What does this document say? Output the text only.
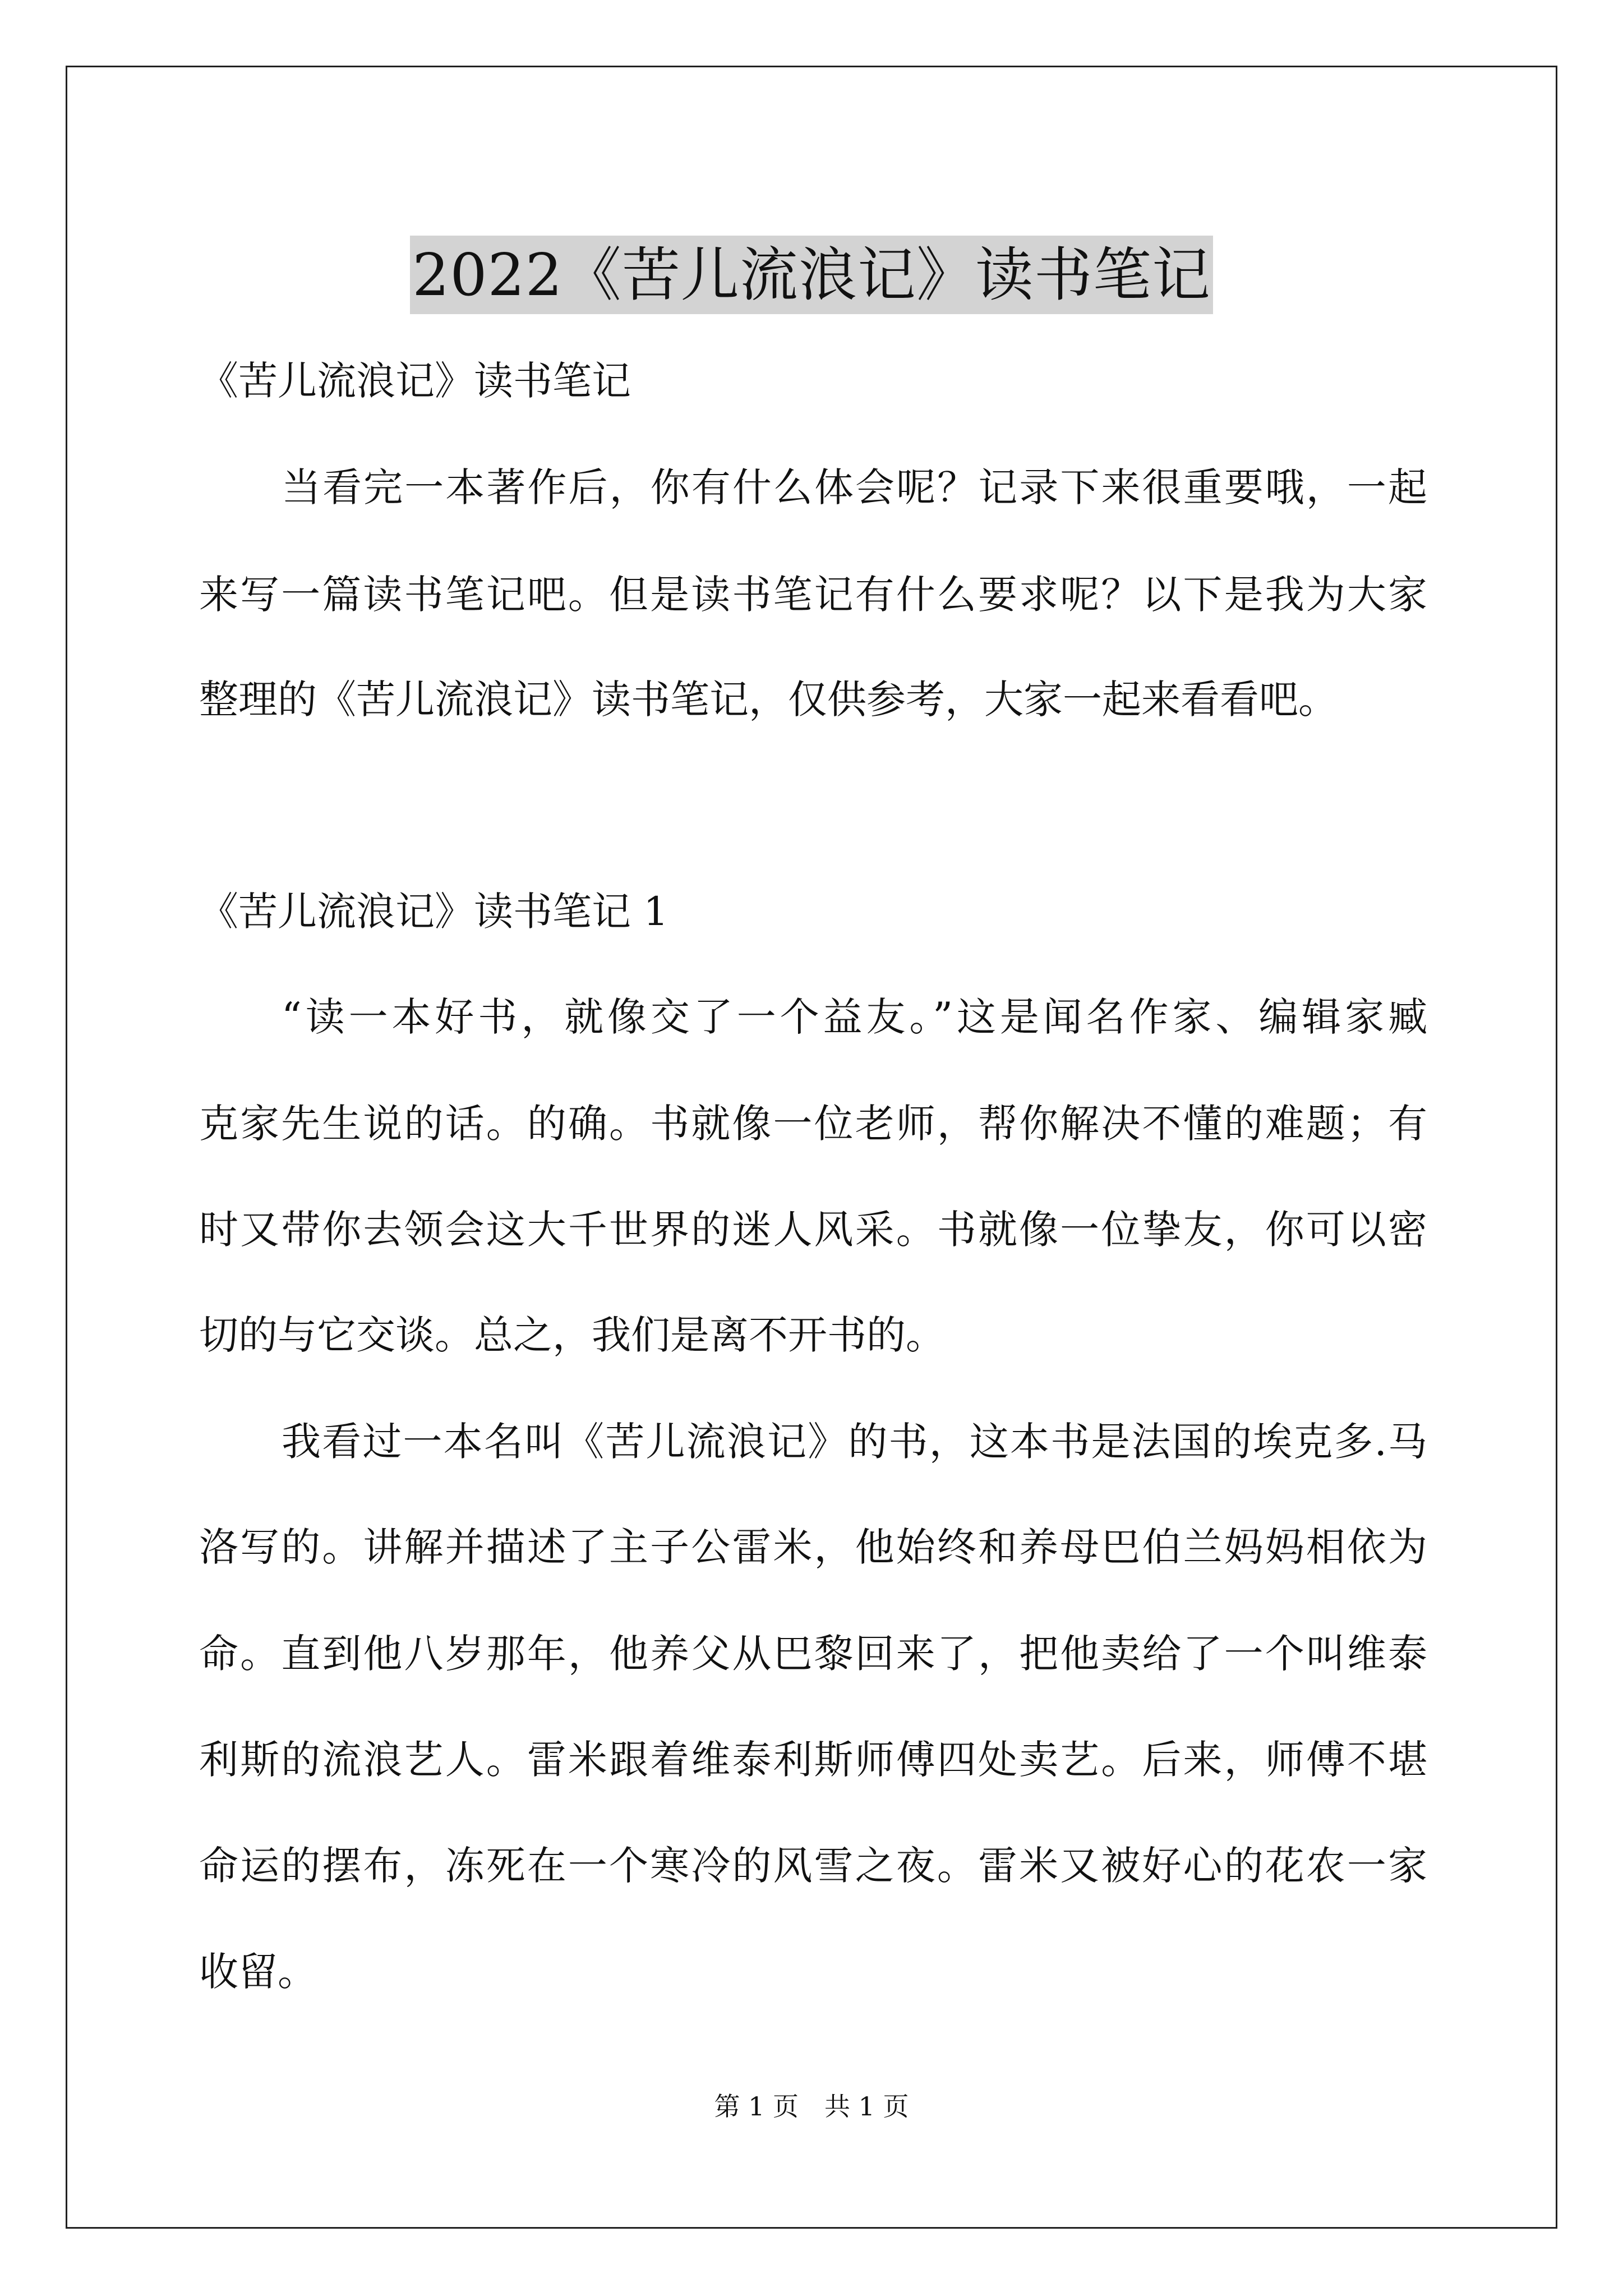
2022《苦儿流浪记》读书笔记
《苦儿流浪记》读书笔记
当看完一本著作后，你有什么体会呢？记录下来很重要哦，一起
来写一篇读书笔记吧。但是读书笔记有什么要求呢？以下是我为大家
整理的《苦儿流浪记》读书笔记，仅供参考，大家一起来看看吧。
《苦儿流浪记》读书笔记 1
“读一本好书，就像交了一个益友。”这是闻名作家、编辑家臧
克家先生说的话。的确。书就像一位老师，帮你解决不懂的难题；有
时又带你去领会这大千世界的迷人风采。书就像一位挚友，你可以密
切的与它交谈。总之，我们是离不开书的。
我看过一本名叫《苦儿流浪记》的书，这本书是法国的埃克多.马
洛写的。讲解并描述了主子公雷米，他始终和养母巴伯兰妈妈相依为
命。直到他八岁那年，他养父从巴黎回来了，把他卖给了一个叫维泰
利斯的流浪艺人。雷米跟着维泰利斯师傅四处卖艺。后来，师傅不堪
命运的摆布，冻死在一个寒冷的风雪之夜。雷米又被好心的花农一家
收留。
第 1 页　共 1 页
